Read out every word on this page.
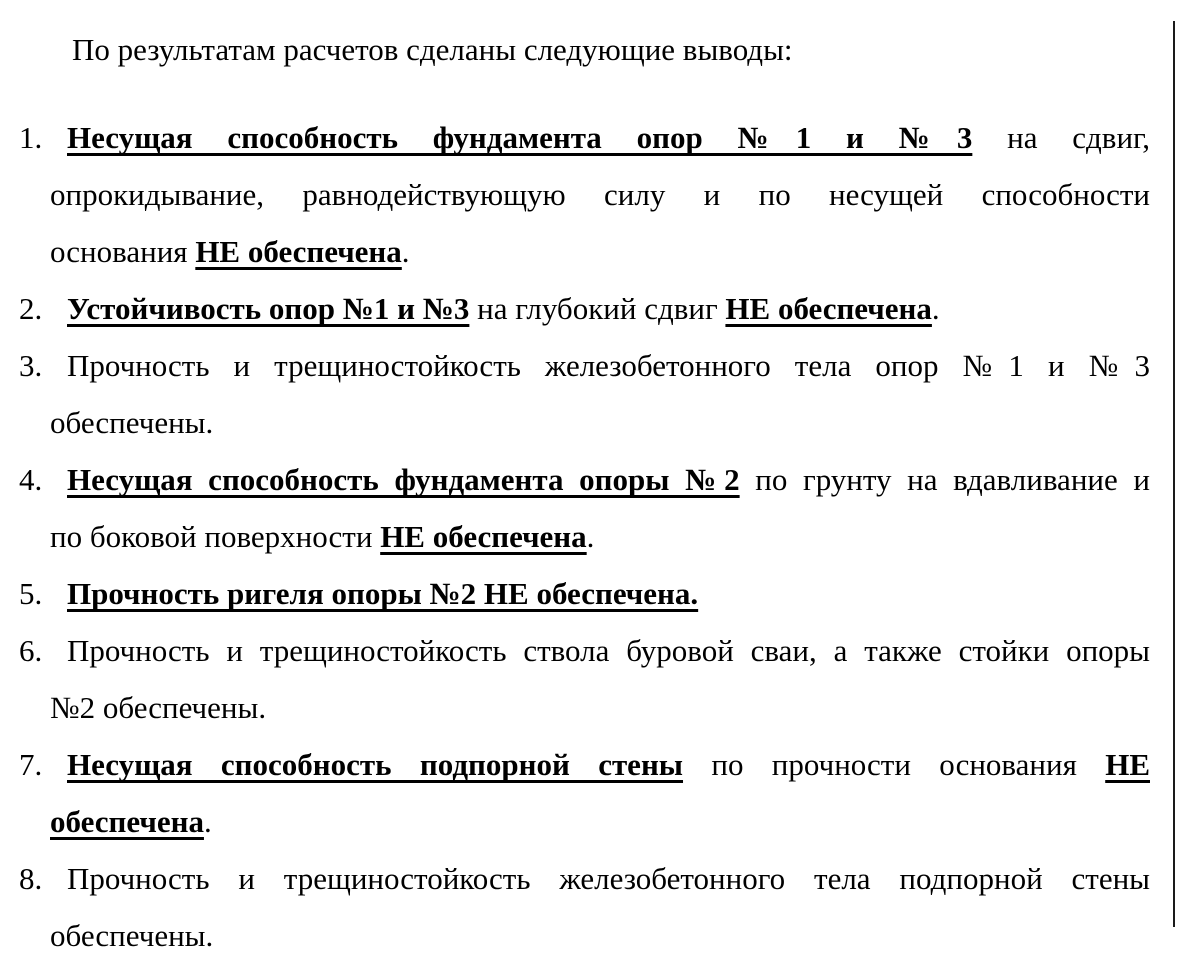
По результатам расчетов сделаны следующие выводы:

1. Несущая способность фундамента опор №1 и №3 на сдвиг,
опрокидывание, равнодействующую силу и по несущей способности
основания НЕ обеспечена.
2. Устойчивость опор №1 и №3 на глубокий сдвиг НЕ обеспечена.
3. Прочность и трещиностойкость железобетонного тела опор №1 и №3
обеспечены.
4. Несущая способность фундамента опоры №2 по грунту на вдавливание и
по боковой поверхности НЕ обеспечена.
5. Прочность ригеля опоры №2 НЕ обеспечена.
6. Прочность и трещиностойкость ствола буровой сваи, а также стойки опоры
№2 обеспечены.
7. Несущая способность подпорной стены по прочности основания НЕ
обеспечена.
8. Прочность и трещиностойкость железобетонного тела подпорной стены
обеспечены.
